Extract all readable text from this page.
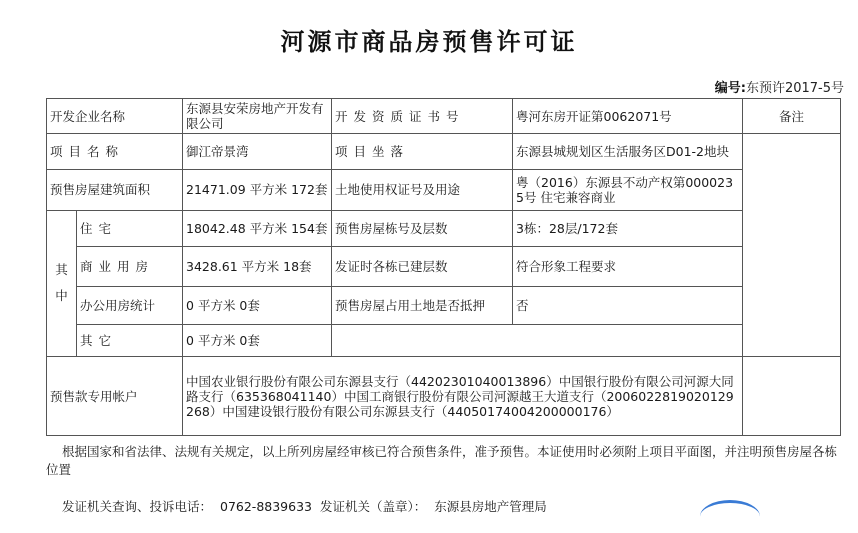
河源市商品房预售许可证
编号:东预许2017-5号
开发企业名称		东源县安荣房地产开发有限公司	开发资质证书号	粤河东房开证第0062071号	备注
项目名称		御江帝景湾	项目坐落	东源县城规划区生活服务区D01-2地块	
预售房屋建筑面积		21471.09 平方米 172套	土地使用权证号及用途	粤（2016）东源县不动产权第0000235号 住宅兼容商业	
其中	住宅	18042.48 平方米 154套	预售房屋栋号及层数	3栋：28层/172套	
	商业用房	3428.61 平方米 18套	发证时各栋已建层数	符合形象工程要求	
	办公用房统计	0 平方米 0套	预售房屋占用土地是否抵押	否	
	其它	0 平方米 0套			
预售款专用帐户		中国农业银行股份有限公司东源县支行（44202301040013896）中国银行股份有限公司河源大同路支行（635368041140）中国工商银行股份有限公司河源越王大道支行（2006022819020129268）中国建设银行股份有限公司东源县支行（44050174004200000176）			
根据国家和省法律、法规有关规定，以上所列房屋经审核已符合预售条件，准予预售。本证使用时必须附上项目平面图，并注明预售房屋各栋位置
发证机关查询、投诉电话： 0762-8839633 发证机关（盖章）： 东源县房地产管理局
